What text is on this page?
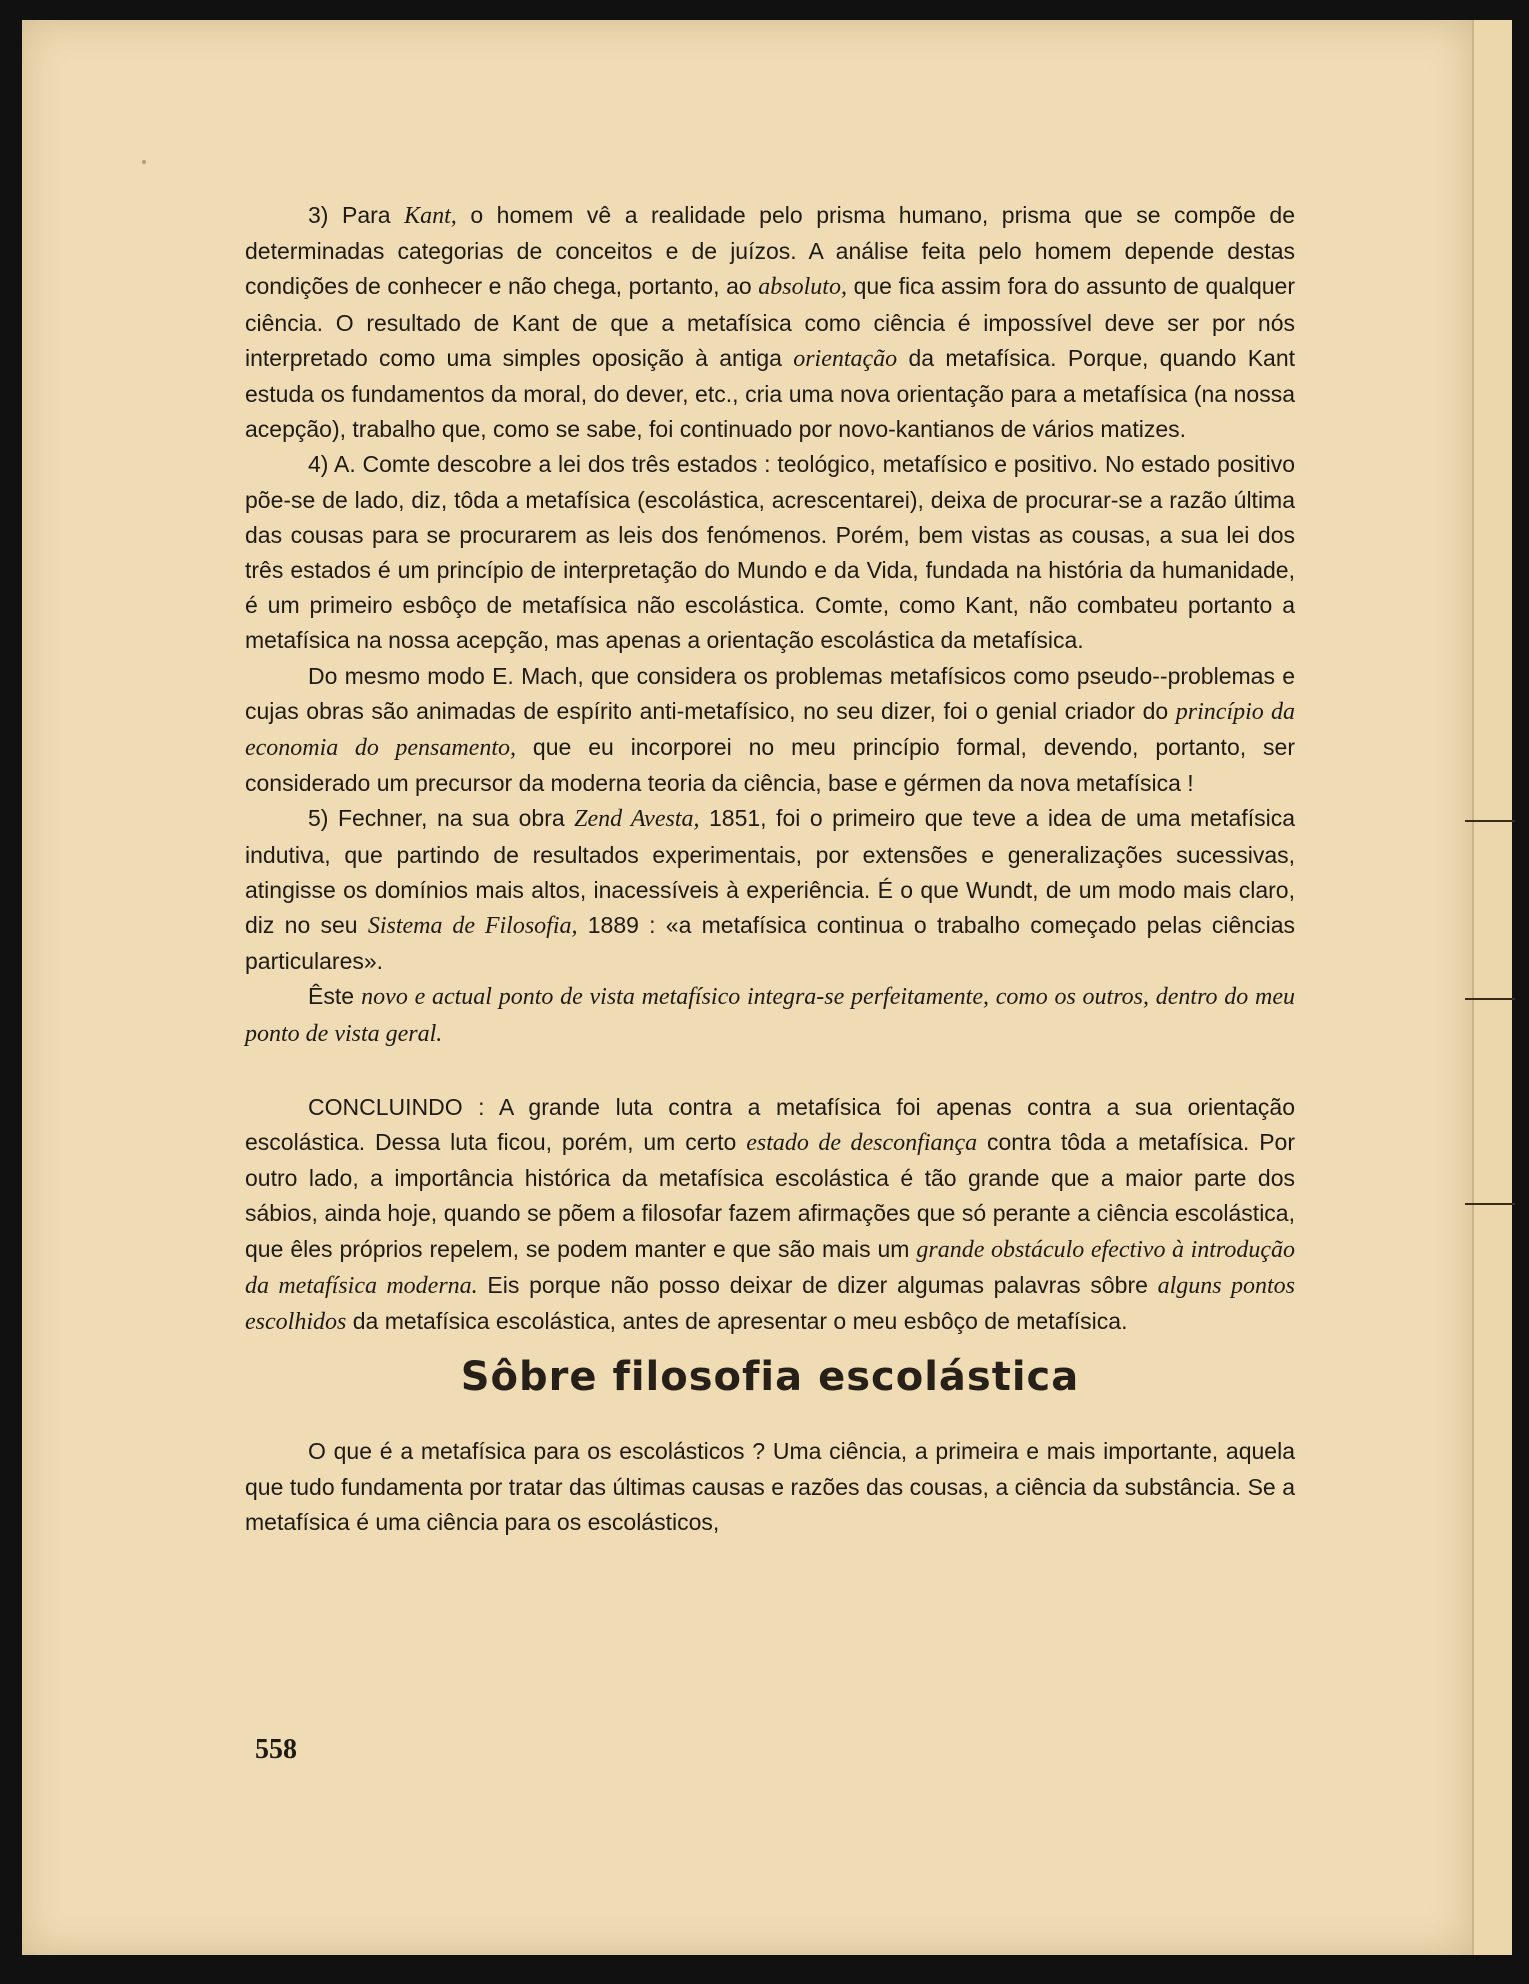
3) Para Kant, o homem vê a realidade pelo prisma humano, prisma que se compõe de determinadas categorias de conceitos e de juízos. A análise feita pelo homem depende destas condições de conhecer e não chega, portanto, ao absoluto, que fica assim fora do assunto de qualquer ciência. O resultado de Kant de que a metafísica como ciência é impossível deve ser por nós interpretado como uma simples oposição à antiga orientação da metafísica. Porque, quando Kant estuda os fundamentos da moral, do dever, etc., cria uma nova orientação para a metafísica (na nossa acepção), trabalho que, como se sabe, foi continuado por novo-kantianos de vários matizes.

4) A. Comte descobre a lei dos três estados : teológico, metafísico e positivo. No estado positivo põe-se de lado, diz, tôda a metafísica (escolástica, acrescentarei), deixa de procurar-se a razão última das cousas para se procurarem as leis dos fenómenos. Porém, bem vistas as cousas, a sua lei dos três estados é um princípio de interpretação do Mundo e da Vida, fundada na história da humanidade, é um primeiro esbôço de metafísica não escolástica. Comte, como Kant, não combateu portanto a metafísica na nossa acepção, mas apenas a orientação escolástica da metafísica.

Do mesmo modo E. Mach, que considera os problemas metafísicos como pseudo--problemas e cujas obras são animadas de espírito anti-metafísico, no seu dizer, foi o genial criador do princípio da economia do pensamento, que eu incorporei no meu princípio formal, devendo, portanto, ser considerado um precursor da moderna teoria da ciência, base e gérmen da nova metafísica !

5) Fechner, na sua obra Zend Avesta, 1851, foi o primeiro que teve a idea de uma metafísica indutiva, que partindo de resultados experimentais, por extensões e generalizações sucessivas, atingisse os domínios mais altos, inacessíveis à experiência. É o que Wundt, de um modo mais claro, diz no seu Sistema de Filosofia, 1889 : «a metafísica continua o trabalho começado pelas ciências particulares».

Êste novo e actual ponto de vista metafísico integra-se perfeitamente, como os outros, dentro do meu ponto de vista geral.

CONCLUINDO : A grande luta contra a metafísica foi apenas contra a sua orientação escolástica. Dessa luta ficou, porém, um certo estado de desconfiança contra tôda a metafísica. Por outro lado, a importância histórica da metafísica escolástica é tão grande que a maior parte dos sábios, ainda hoje, quando se põem a filosofar fazem afirmações que só perante a ciência escolástica, que êles próprios repelem, se podem manter e que são mais um grande obstáculo efectivo à introdução da metafísica moderna. Eis porque não posso deixar de dizer algumas palavras sôbre alguns pontos escolhidos da metafísica escolástica, antes de apresentar o meu esbôço de metafísica.

Sôbre filosofia escolástica

O que é a metafísica para os escolásticos ? Uma ciência, a primeira e mais importante, aquela que tudo fundamenta por tratar das últimas causas e razões das cousas, a ciência da substância. Se a metafísica é uma ciência para os escolásticos,

558
